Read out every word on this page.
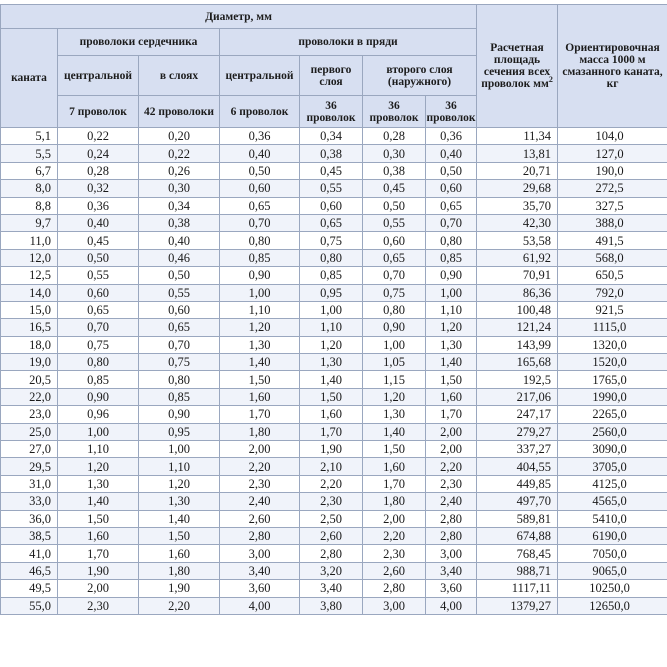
Диаметр, мм							Расчетная площадь сечения всех проволок $мм^2$	Ориентировочная масса 1000 м смазанного каната, кг
каната	проволоки сердечника		проволоки в пряди					
	центральной	в слоях	центральной	первого слоя	второго слоя (наружного)			
	7 проволок	42 проволоки	6 проволок	36 проволок	36 проволок	36 проволок		
5,1	0,22	0,20	0,36	0,34	0,28	0,36	11,34	104,0
5,5	0,24	0,22	0,40	0,38	0,30	0,40	13,81	127,0
6,7	0,28	0,26	0,50	0,45	0,38	0,50	20,71	190,0
8,0	0,32	0,30	0,60	0,55	0,45	0,60	29,68	272,5
8,8	0,36	0,34	0,65	0,60	0,50	0,65	35,70	327,5
9,7	0,40	0,38	0,70	0,65	0,55	0,70	42,30	388,0
11,0	0,45	0,40	0,80	0,75	0,60	0,80	53,58	491,5
12,0	0,50	0,46	0,85	0,80	0,65	0,85	61,92	568,0
12,5	0,55	0,50	0,90	0,85	0,70	0,90	70,91	650,5
14,0	0,60	0,55	1,00	0,95	0,75	1,00	86,36	792,0
15,0	0,65	0,60	1,10	1,00	0,80	1,10	100,48	921,5
16,5	0,70	0,65	1,20	1,10	0,90	1,20	121,24	1115,0
18,0	0,75	0,70	1,30	1,20	1,00	1,30	143,99	1320,0
19,0	0,80	0,75	1,40	1,30	1,05	1,40	165,68	1520,0
20,5	0,85	0,80	1,50	1,40	1,15	1,50	192,5	1765,0
22,0	0,90	0,85	1,60	1,50	1,20	1,60	217,06	1990,0
23,0	0,96	0,90	1,70	1,60	1,30	1,70	247,17	2265,0
25,0	1,00	0,95	1,80	1,70	1,40	2,00	279,27	2560,0
27,0	1,10	1,00	2,00	1,90	1,50	2,00	337,27	3090,0
29,5	1,20	1,10	2,20	2,10	1,60	2,20	404,55	3705,0
31,0	1,30	1,20	2,30	2,20	1,70	2,30	449,85	4125,0
33,0	1,40	1,30	2,40	2,30	1,80	2,40	497,70	4565,0
36,0	1,50	1,40	2,60	2,50	2,00	2,80	589,81	5410,0
38,5	1,60	1,50	2,80	2,60	2,20	2,80	674,88	6190,0
41,0	1,70	1,60	3,00	2,80	2,30	3,00	768,45	7050,0
46,5	1,90	1,80	3,40	3,20	2,60	3,40	988,71	9065,0
49,5	2,00	1,90	3,60	3,40	2,80	3,60	1117,11	10250,0
55,0	2,30	2,20	4,00	3,80	3,00	4,00	1379,27	12650,0
